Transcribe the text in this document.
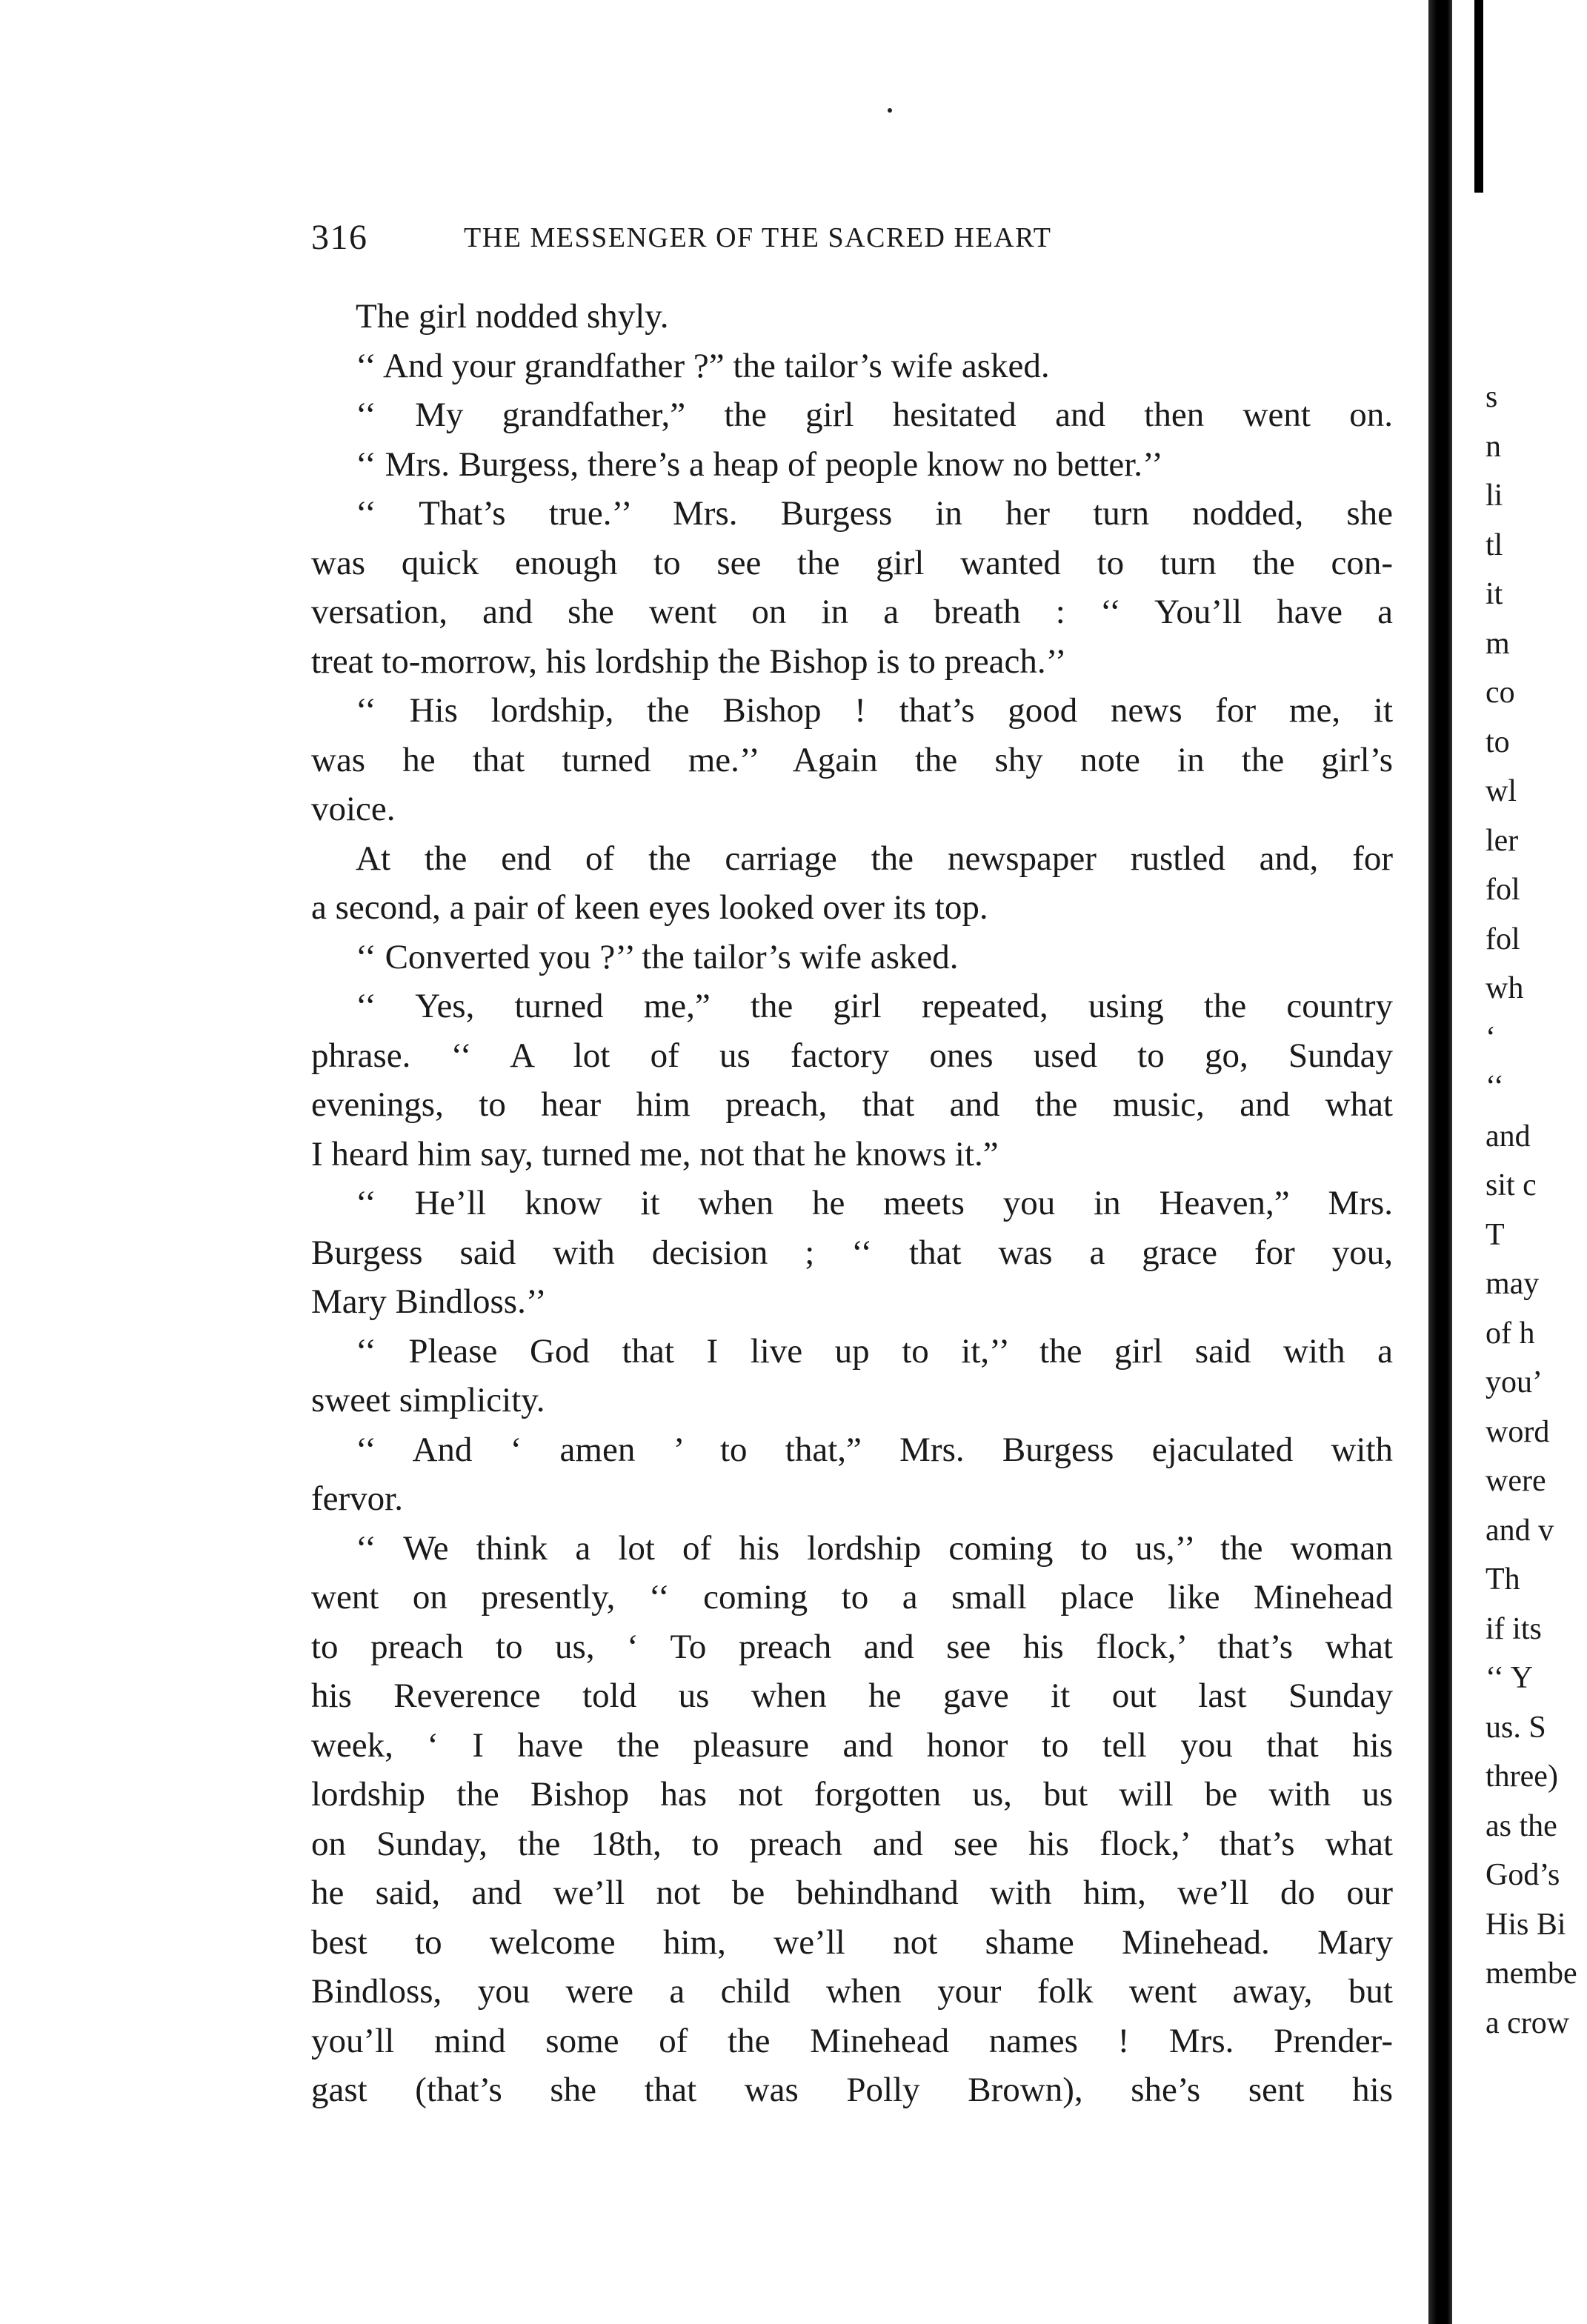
316	THE MESSENGER OF THE SACRED HEART
The girl nodded shyly.
‘‘ And your grandfather ?” the tailor’s wife asked.
‘‘ My grandfather,” the girl hesitated and then went on.
‘‘ Mrs. Burgess, there’s a heap of people know no better.’’
‘‘ That’s true.’’ Mrs. Burgess in her turn nodded, she
was quick enough to see the girl wanted to turn the con-
versation, and she went on in a breath : ‘‘ You’ll have a
treat to-morrow, his lordship the Bishop is to preach.’’
‘‘ His lordship, the Bishop ! that’s good news for me, it
was he that turned me.’’ Again the shy note in the girl’s
voice.
At the end of the carriage the newspaper rustled and, for
a second, a pair of keen eyes looked over its top.
‘‘ Converted you ?’’ the tailor’s wife asked.
‘‘ Yes, turned me,” the girl repeated, using the country
phrase. ‘‘ A lot of us factory ones used to go, Sunday
evenings, to hear him preach, that and the music, and what
I heard him say, turned me, not that he knows it.”
‘‘ He’ll know it when he meets you in Heaven,” Mrs.
Burgess said with decision ; ‘‘ that was a grace for you,
Mary Bindloss.’’
‘‘ Please God that I live up to it,’’ the girl said with a
sweet simplicity.
‘‘ And ‘ amen ’ to that,” Mrs. Burgess ejaculated with
fervor.
‘‘ We think a lot of his lordship coming to us,’’ the woman
went on presently, ‘‘ coming to a small place like Minehead
to preach to us, ‘ To preach and see his flock,’ that’s what
his Reverence told us when he gave it out last Sunday
week, ‘ I have the pleasure and honor to tell you that his
lordship the Bishop has not forgotten us, but will be with us
on Sunday, the 18th, to preach and see his flock,’ that’s what
he said, and we’ll not be behindhand with him, we’ll do our
best to welcome him, we’ll not shame Minehead. Mary
Bindloss, you were a child when your folk went away, but
you’ll mind some of the Minehead names ! Mrs. Prender-
gast (that’s she that was Polly Brown), she’s sent his
s
n
li
tl
it
m
co
to
wl
ler
fol
fol
wh
‘
‘‘
and
sit c
T
may
of h
you’
word
were
and v
Th
if its
‘‘ Y
us. S
three)
as the
God’s
His Bi
membe
a crow
